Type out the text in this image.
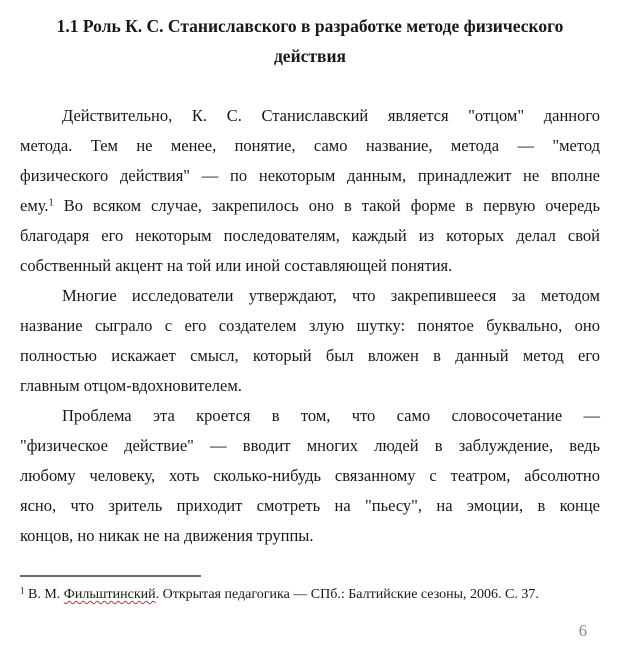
1.1 Роль К. С. Станиславского в разработке методе физического
действия
Действительно, К. С. Станиславский является "отцом" данного
метода. Тем не менее, понятие, само название, метода — "метод
физического действия" — по некоторым данным, принадлежит не вполне
ему.$^1$ Во всяком случае, закрепилось оно в такой форме в первую очередь
благодаря его некоторым последователям, каждый из которых делал свой
собственный акцент на той или иной составляющей понятия.
Многие исследователи утверждают, что закрепившееся за методом
название сыграло с его создателем злую шутку: понятое буквально, оно
полностью искажает смысл, который был вложен в данный метод его
главным отцом-вдохновителем.
Проблема эта кроется в том, что само словосочетание —
"физическое действие" — вводит многих людей в заблуждение, ведь
любому человеку, хоть сколько-нибудь связанному с театром, абсолютно
ясно, что зритель приходит смотреть на "пьесу", на эмоции, в конце
концов, но никак не на движения труппы.
$^1$ В. М. Фильштинский. Открытая педагогика — СПб.: Балтийские сезоны, 2006. С. 37.
6
